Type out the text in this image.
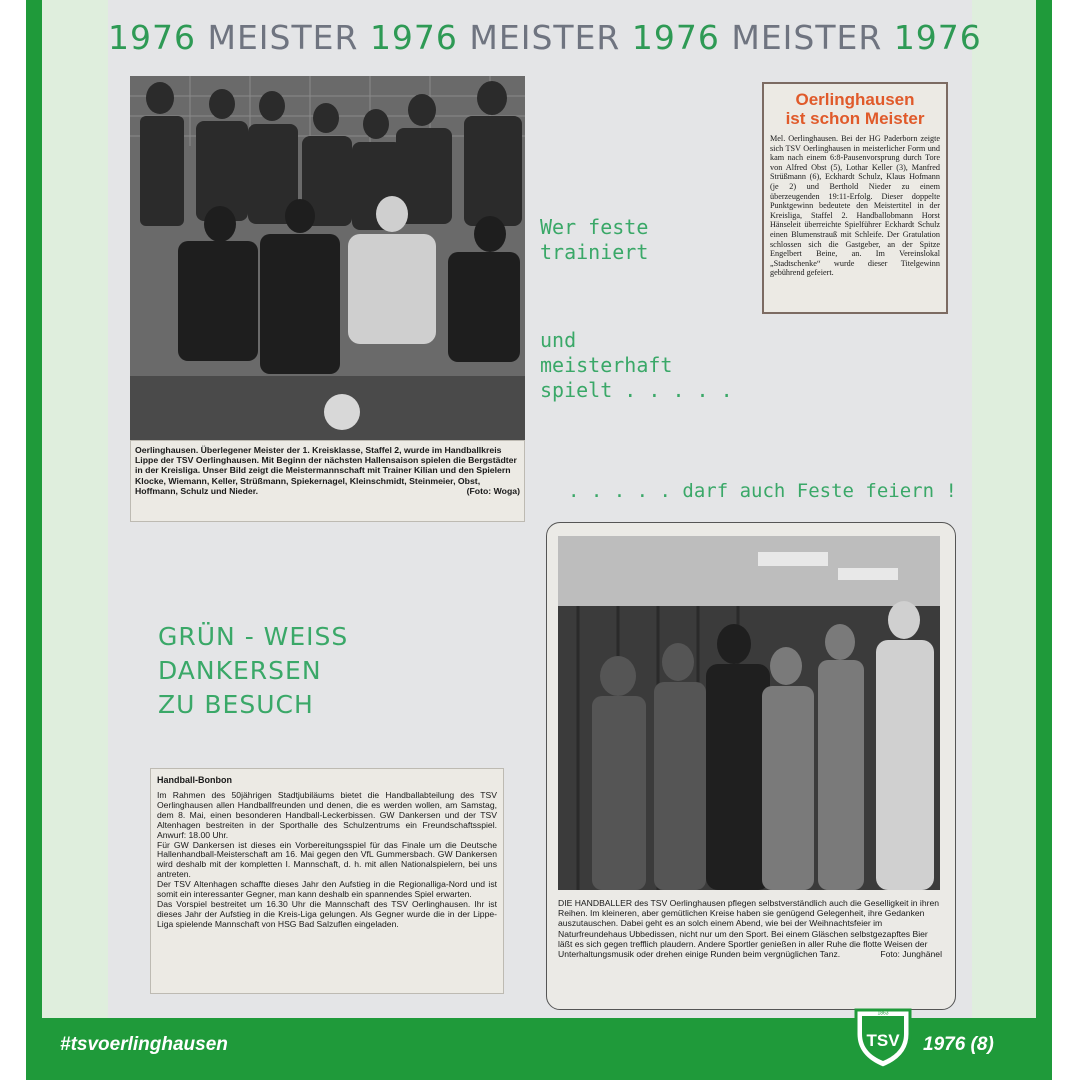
1976 MEISTER 1976 MEISTER 1976 MEISTER 1976
Oerlinghausen. Überlegener Meister der 1. Kreisklasse, Staffel 2, wurde im Handballkreis Lippe der TSV Oerlinghausen. Mit Beginn der nächsten Hallensaison spielen die Bergstädter in der Kreisliga. Unser Bild zeigt die Meistermannschaft mit Trainer Kilian und den Spielern Klocke, Wiemann, Keller, Strüßmann, Spiekernagel, Kleinschmidt, Steinmeier, Obst, Hoffmann, Schulz und Nieder.	(Foto: Woga)
Oerlinghausen
ist schon Meister

Mel. Oerlinghausen. Bei der HG Paderborn zeigte sich TSV Oerlinghausen in meisterlicher Form und kam nach einem 6:8-Pausenvorsprung durch Tore von Alfred Obst (5), Lothar Keller (3), Manfred Strüßmann (6), Eckhardt Schulz, Klaus Hofmann (je 2) und Berthold Nieder zu einem überzeugenden 19:11-Erfolg. Dieser doppelte Punktgewinn bedeutete den Meistertitel in der Kreisliga, Staffel 2. Handballobmann Horst Hänseleit überreichte Spielführer Eckhardt Schulz einen Blumenstrauß mit Schleife. Der Gratulation schlossen sich die Gastgeber, an der Spitze Engelbert Beine, an. Im Vereinslokal „Stadtschenke“ wurde dieser Titelgewinn gebührend gefeiert.

Wer feste
trainiert
und
meisterhaft
spielt . . . . .
. . . . . darf auch Feste feiern !
GRÜN - WEISS
DANKERSEN
ZU BESUCH
Handball-Bonbon

Im Rahmen des 50jährigen Stadtjubiläums bietet die Handballabteilung des TSV Oerlinghausen allen Handballfreunden und denen, die es werden wollen, am Samstag, dem 8. Mai, einen besonderen Handball-Leckerbissen. GW Dankersen und der TSV Altenhagen bestreiten in der Sporthalle des Schulzentrums ein Freundschaftsspiel. Anwurf: 18.00 Uhr.

Für GW Dankersen ist dieses ein Vorbereitungsspiel für das Finale um die Deutsche Hallenhandball-Meisterschaft am 16. Mai gegen den VfL Gummersbach. GW Dankersen wird deshalb mit der kompletten I. Mannschaft, d. h. mit allen Nationalspielern, bei uns antreten.

Der TSV Altenhagen schaffte dieses Jahr den Aufstieg in die Regionalliga-Nord und ist somit ein interessanter Gegner, man kann deshalb ein spannendes Spiel erwarten.

Das Vorspiel bestreitet um 16.30 Uhr die Mannschaft des TSV Oerlinghausen. Ihr ist dieses Jahr der Aufstieg in die Kreis-Liga gelungen. Als Gegner wurde die in der Lippe-Liga spielende Mannschaft von HSG Bad Salzuflen eingeladen.

DIE HANDBALLER des TSV Oerlinghausen pflegen selbstverständlich auch die Geselligkeit in ihren Reihen. Im kleineren, aber gemütlichen Kreise haben sie genügend Gelegenheit, ihre Gedanken auszutauschen. Dabei geht es an solch einem Abend, wie bei der Weihnachtsfeier im Naturfreundehaus Ubbedissen, nicht nur um den Sport. Bei einem Gläschen selbstgezapftes Bier läßt es sich gegen trefflich plaudern. Andere Sportler genießen in aller Ruhe die flotte Weisen der Unterhaltungsmusik oder drehen einige Runden beim vergnüglichen Tanz.	Foto: Junghänel
#tsvoerlinghausen	1976 (8)
1863
TSV
